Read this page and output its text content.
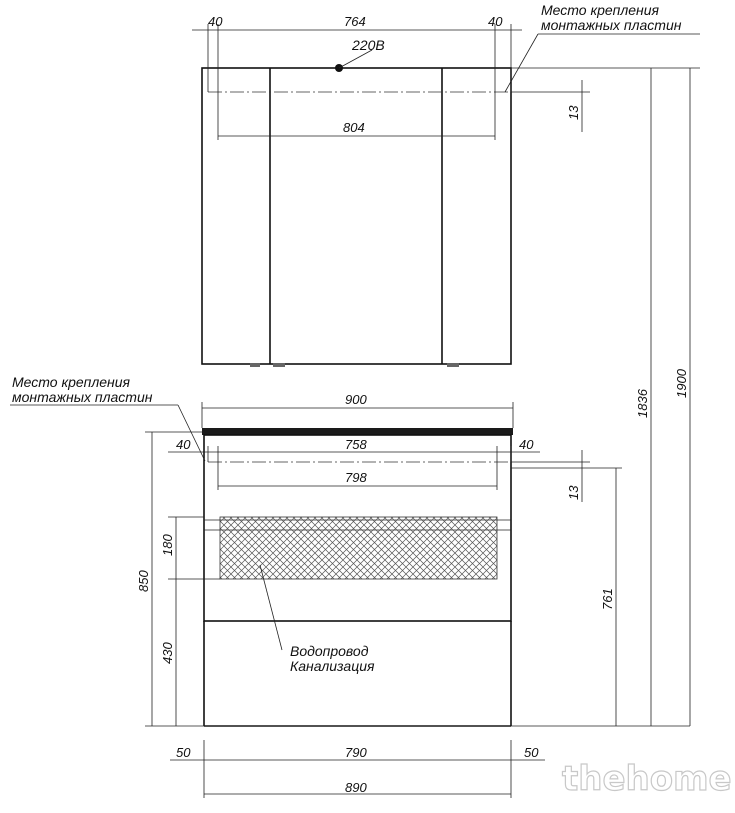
40	764	40
220В
804
13
Место крепления
монтажных пластин
900
40	758	40
798
13
850
180
430
761
50	790	50
890
1836
1900
Место крепления
монтажных пластин
Водопровод
Канализация
thehome
